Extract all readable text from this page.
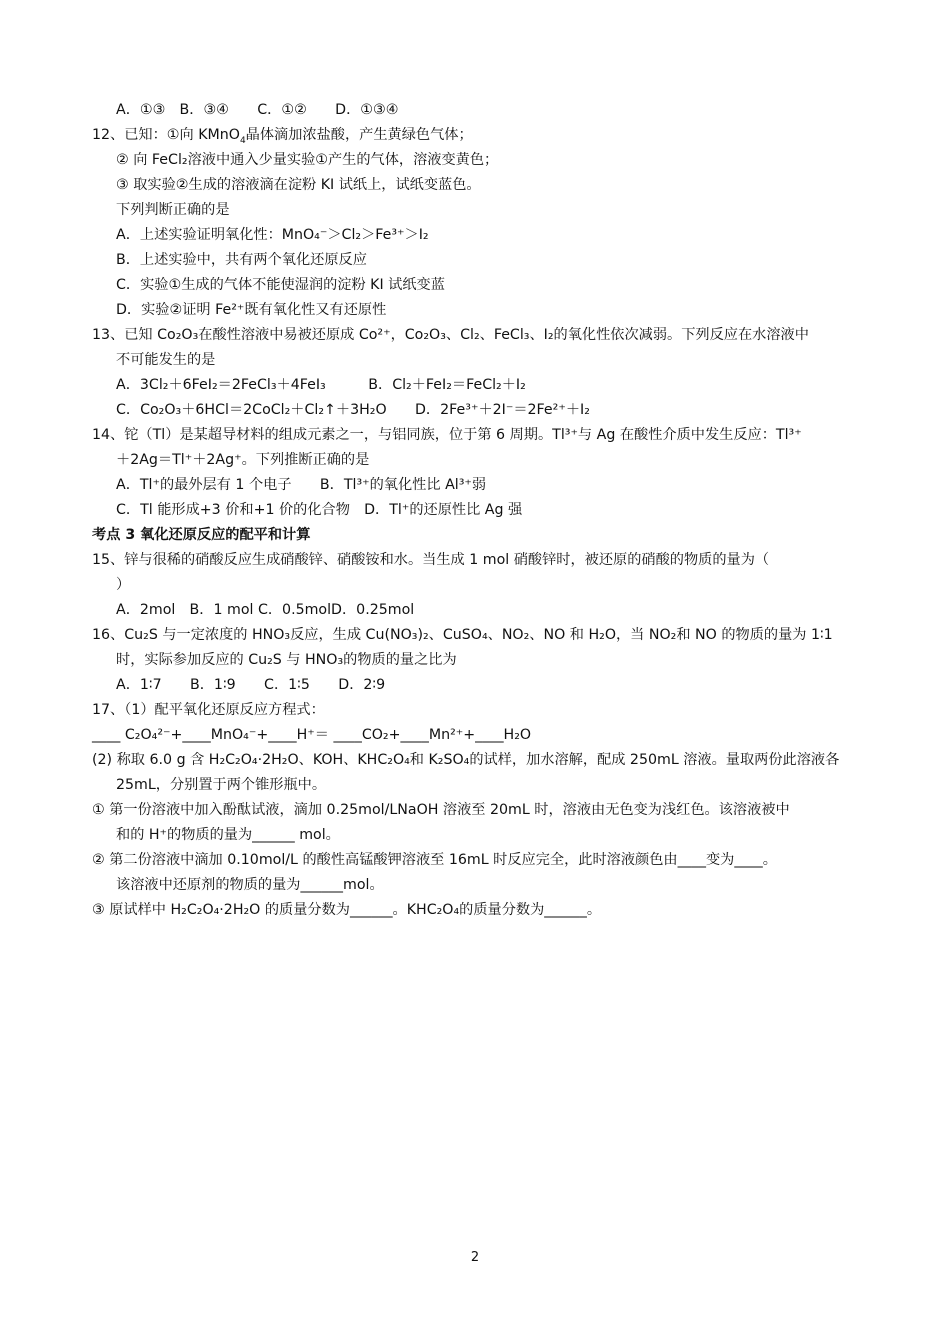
A．①③　B．③④　　C．①②　　D．①③④
12、已知：①向 KMnO$_4$晶体滴加浓盐酸，产生黄绿色气体；
② 向 FeCl₂溶液中通入少量实验①产生的气体，溶液变黄色；
③ 取实验②生成的溶液滴在淀粉 KI 试纸上，试纸变蓝色。
下列判断正确的是
A．上述实验证明氧化性：MnO₄⁻＞Cl₂＞Fe³⁺＞I₂
B．上述实验中，共有两个氧化还原反应
C．实验①生成的气体不能使湿润的淀粉 KI 试纸变蓝
D．实验②证明 Fe²⁺既有氧化性又有还原性
13、已知 Co₂O₃在酸性溶液中易被还原成 Co²⁺，Co₂O₃、Cl₂、FeCl₃、I₂的氧化性依次减弱。下列反应在水溶液中
不可能发生的是
A．3Cl₂＋6FeI₂＝2FeCl₃＋4FeI₃　　　B．Cl₂＋FeI₂＝FeCl₂＋I₂
C．Co₂O₃＋6HCl＝2CoCl₂＋Cl₂↑＋3H₂O　　D．2Fe³⁺＋2I⁻＝2Fe²⁺＋I₂
14、铊（Tl）是某超导材料的组成元素之一，与铝同族，位于第 6 周期。Tl³⁺与 Ag 在酸性介质中发生反应：Tl³⁺
＋2Ag＝Tl⁺＋2Ag⁺。下列推断正确的是
A．Tl⁺的最外层有 1 个电子　　B．Tl³⁺的氧化性比 Al³⁺弱
C．Tl 能形成+3 价和+1 价的化合物　D．Tl⁺的还原性比 Ag 强
考点 3 氧化还原反应的配平和计算
15、锌与很稀的硝酸反应生成硝酸锌、硝酸铵和水。当生成 1 mol 硝酸锌时，被还原的硝酸的物质的量为（
）
A．2mol　B．1 mol C．0.5molD．0.25mol
16、Cu₂S 与一定浓度的 HNO₃反应，生成 Cu(NO₃)₂、CuSO₄、NO₂、NO 和 H₂O，当 NO₂和 NO 的物质的量为 1∶1
时，实际参加反应的 Cu₂S 与 HNO₃的物质的量之比为
A．1∶7　　B．1∶9　　C．1∶5　　D．2∶9
17、（1）配平氧化还原反应方程式：
____ C₂O₄²⁻+____MnO₄⁻+____H⁺＝ ____CO₂+____Mn²⁺+____H₂O
(2) 称取 6.0 g 含 H₂C₂O₄·2H₂O、KOH、KHC₂O₄和 K₂SO₄的试样，加水溶解，配成 250mL 溶液。量取两份此溶液各
25mL，分别置于两个锥形瓶中。
① 第一份溶液中加入酚酞试液，滴加 0.25mol/LNaOH 溶液至 20mL 时，溶液由无色变为浅红色。该溶液被中
和的 H⁺的物质的量为______ mol。
② 第二份溶液中滴加 0.10mol/L 的酸性高锰酸钾溶液至 16mL 时反应完全，此时溶液颜色由____变为____。
该溶液中还原剂的物质的量为______mol。
③ 原试样中 H₂C₂O₄·2H₂O 的质量分数为______。KHC₂O₄的质量分数为______。
2
